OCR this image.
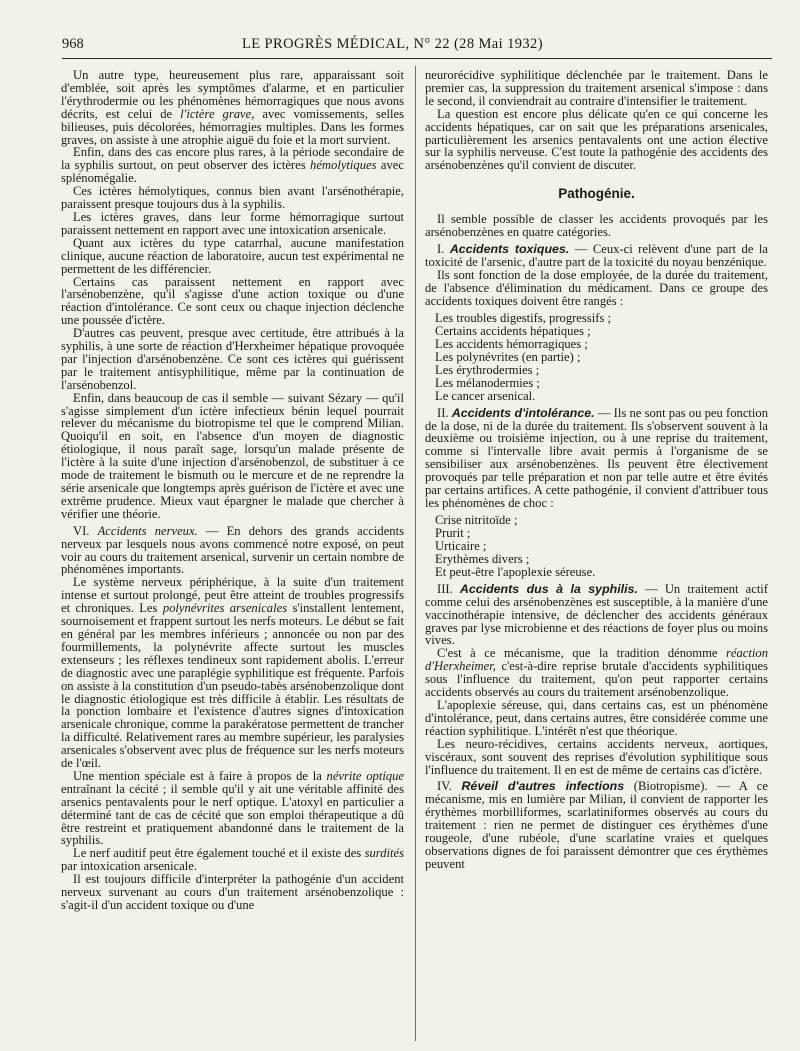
968	LE PROGRÈS MÉDICAL, N° 22 (28 Mai 1932)

Un autre type, heureusement plus rare, apparaissant soit d'emblée, soit après les symptômes d'alarme, et en particulier l'érythrodermie ou les phénomènes hémorragiques que nous avons décrits, est celui de l'ictère grave, avec vomissements, selles bilieuses, puis décolorées, hémorragies multiples. Dans les formes graves, on assiste à une atrophie aiguë du foie et la mort survient.

Enfin, dans des cas encore plus rares, à la période secondaire de la syphilis surtout, on peut observer des ictères hémolytiques avec splénomégalie.

Ces ictères hémolytiques, connus bien avant l'arsénothérapie, paraissent presque toujours dus à la syphilis.

Les ictères graves, dans leur forme hémorragique surtout paraissent nettement en rapport avec une intoxication arsenicale.

Quant aux ictères du type catarrhal, aucune manifestation clinique, aucune réaction de laboratoire, aucun test expérimental ne permettent de les différencier.

Certains cas paraissent nettement en rapport avec l'arsénobenzène, qu'il s'agisse d'une action toxique ou d'une réaction d'intolérance. Ce sont ceux ou chaque injection déclenche une poussée d'ictère.

D'autres cas peuvent, presque avec certitude, être attribués à la syphilis, à une sorte de réaction d'Herxheimer hépatique provoquée par l'injection d'arsénobenzène. Ce sont ces ictères qui guérissent par le traitement antisyphilitique, même par la continuation de l'arsénobenzol.

Enfin, dans beaucoup de cas il semble — suivant Sézary — qu'il s'agisse simplement d'un ictère infectieux bénin lequel pourrait relever du mécanisme du biotropisme tel que le comprend Milian. Quoiqu'il en soit, en l'absence d'un moyen de diagnostic étiologique, il nous paraît sage, lorsqu'un malade présente de l'ictère à la suite d'une injection d'arsénobenzol, de substituer à ce mode de traitement le bismuth ou le mercure et de ne reprendre la série arsenicale que longtemps après guérison de l'ictère et avec une extrême prudence. Mieux vaut épargner le malade que chercher à vérifier une théorie.

VI. Accidents nerveux. — En dehors des grands accidents nerveux par lesquels nous avons commencé notre exposé, on peut voir au cours du traitement arsenical, survenir un certain nombre de phénomènes importants.

Le système nerveux périphérique, à la suite d'un traitement intense et surtout prolongé, peut être atteint de troubles progressifs et chroniques. Les polynévrites arsenicales s'installent lentement, sournoisement et frappent surtout les nerfs moteurs. Le début se fait en général par les membres inférieurs ; annoncée ou non par des fourmillements, la polynévrite affecte surtout les muscles extenseurs ; les réflexes tendineux sont rapidement abolis. L'erreur de diagnostic avec une paraplégie syphilitique est fréquente. Parfois on assiste à la constitution d'un pseudo-tabès arsénobenzolique dont le diagnostic étiologique est très difficile à établir. Les résultats de la ponction lombaire et l'existence d'autres signes d'intoxication arsenicale chronique, comme la parakératose permettent de trancher la difficulté. Relativement rares au membre supérieur, les paralysies arsenicales s'observent avec plus de fréquence sur les nerfs moteurs de l'œil.

Une mention spéciale est à faire à propos de la névrite optique entraînant la cécité ; il semble qu'il y ait une véritable affinité des arsenics pentavalents pour le nerf optique. L'atoxyl en particulier a déterminé tant de cas de cécité que son emploi thérapeutique a dû être restreint et pratiquement abandonné dans le traitement de la syphilis.

Le nerf auditif peut être également touché et il existe des surdités par intoxication arsenicale.

Il est toujours difficile d'interpréter la pathogénie d'un accident nerveux survenant au cours d'un traitement arsénobenzolique : s'agit-il d'un accident toxique ou d'une

neurorécidive syphilitique déclenchée par le traitement. Dans le premier cas, la suppression du traitement arsenical s'impose : dans le second, il conviendrait au contraire d'intensifier le traitement.

La question est encore plus délicate qu'en ce qui concerne les accidents hépatiques, car on sait que les préparations arsenicales, particulièrement les arsenics pentavalents ont une action élective sur la syphilis nerveuse. C'est toute la pathogénie des accidents des arsénobenzènes qu'il convient de discuter.

Pathogénie.

Il semble possible de classer les accidents provoqués par les arsénobenzènes en quatre catégories.

I. Accidents toxiques. — Ceux-ci relèvent d'une part de la toxicité de l'arsenic, d'autre part de la toxicité du noyau benzénique.

Ils sont fonction de la dose employée, de la durée du traitement, de l'absence d'élimination du médicament. Dans ce groupe des accidents toxiques doivent être rangés :

Les troubles digestifs, progressifs ;
Certains accidents hépatiques ;
Les accidents hémorragiques ;
Les polynévrites (en partie) ;
Les érythrodermies ;
Les mélanodermies ;
Le cancer arsenical.

II. Accidents d'intolérance. — Ils ne sont pas ou peu fonction de la dose, ni de la durée du traitement. Ils s'observent souvent à la deuxième ou troisième injection, ou à une reprise du traitement, comme si l'intervalle libre avait permis à l'organisme de se sensibiliser aux arsénobenzènes. Ils peuvent être électivement provoqués par telle préparation et non par telle autre et être évités par certains artifices. A cette pathogénie, il convient d'attribuer tous les phénomènes de choc :

Crise nitritoïde ;
Prurit ;
Urticaire ;
Erythèmes divers ;
Et peut-être l'apoplexie séreuse.

III. Accidents dus à la syphilis. — Un traitement actif comme celui des arsénobenzènes est susceptible, à la manière d'une vaccinothérapie intensive, de déclencher des accidents généraux graves par lyse microbienne et des réactions de foyer plus ou moins vives.

C'est à ce mécanisme, que la tradition dénomme réaction d'Herxheimer, c'est-à-dire reprise brutale d'accidents syphilitiques sous l'influence du traitement, qu'on peut rapporter certains accidents observés au cours du traitement arsénobenzolique.

L'apoplexie séreuse, qui, dans certains cas, est un phénomène d'intolérance, peut, dans certains autres, être considérée comme une réaction syphilitique. L'intérêt n'est que théorique.

Les neuro-récidives, certains accidents nerveux, aortiques, viscéraux, sont souvent des reprises d'évolution syphilitique sous l'influence du traitement. Il en est de même de certains cas d'ictère.

IV. Réveil d'autres infections (Biotropisme). — A ce mécanisme, mis en lumière par Milian, il convient de rapporter les érythèmes morbilliformes, scarlatiniformes observés au cours du traitement : rien ne permet de distinguer ces érythèmes d'une rougeole, d'une rubéole, d'une scarlatine vraies et quelques observations dignes de foi paraissent démontrer que ces érythèmes peuvent
